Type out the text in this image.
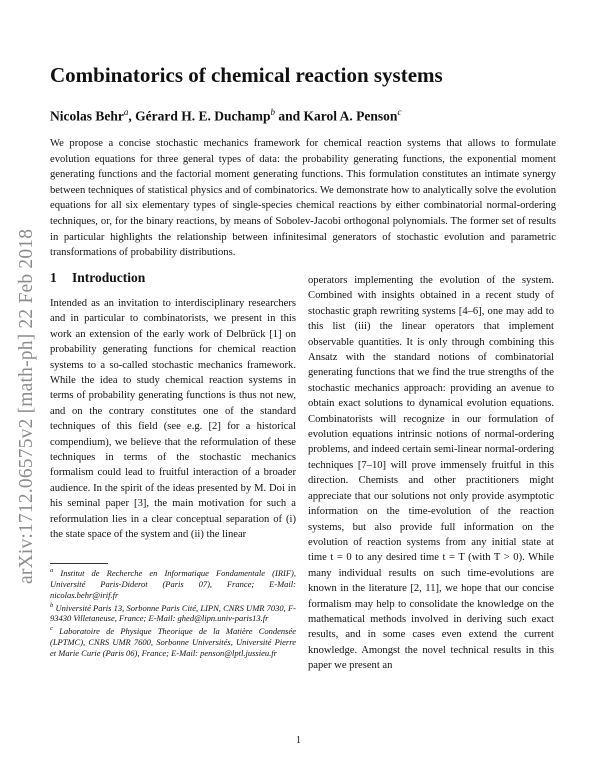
arXiv:1712.06575v2 [math-ph] 22 Feb 2018
Combinatorics of chemical reaction systems
Nicolas Behr$^a$, Gérard H. E. Duchamp$^b$ and Karol A. Penson$^c$
We propose a concise stochastic mechanics framework for chemical reaction systems that allows to formulate evolution equations for three general types of data: the probability generating functions, the exponential moment generating functions and the factorial moment generating functions. This formulation constitutes an intimate synergy between techniques of statistical physics and of combinatorics. We demonstrate how to analytically solve the evolution equations for all six elementary types of single-species chemical reactions by either combinatorial normal-ordering techniques, or, for the binary reactions, by means of Sobolev-Jacobi orthogonal polynomials. The former set of results in particular highlights the relationship between infinitesimal generators of stochastic evolution and parametric transformations of probability distributions.
1 Introduction
Intended as an invitation to interdisciplinary researchers and in particular to combinatorists, we present in this work an extension of the early work of Delbrück [1] on probability generating functions for chemical reaction systems to a so-called stochastic mechanics framework. While the idea to study chemical reaction systems in terms of probability generating functions is thus not new, and on the contrary constitutes one of the standard techniques of this field (see e.g. [2] for a historical compendium), we believe that the reformulation of these techniques in terms of the stochastic mechanics formalism could lead to fruitful interaction of a broader audience. In the spirit of the ideas presented by M. Doi in his seminal paper [3], the main motivation for such a reformulation lies in a clear conceptual separation of (i) the state space of the system and (ii) the linear
operators implementing the evolution of the system. Combined with insights obtained in a recent study of stochastic graph rewriting systems [4–6], one may add to this list (iii) the linear operators that implement observable quantities. It is only through combining this Ansatz with the standard notions of combinatorial generating functions that we find the true strengths of the stochastic mechanics approach: providing an avenue to obtain exact solutions to dynamical evolution equations. Combinatorists will recognize in our formulation of evolution equations intrinsic notions of normal-ordering problems, and indeed certain semi-linear normal-ordering techniques [7–10] will prove immensely fruitful in this direction. Chemists and other practitioners might appreciate that our solutions not only provide asymptotic information on the time-evolution of the reaction systems, but also provide full information on the evolution of reaction systems from any initial state at time t = 0 to any desired time t = T (with T > 0). While many individual results on such time-evolutions are known in the literature [2, 11], we hope that our concise formalism may help to consolidate the knowledge on the mathematical methods involved in deriving such exact results, and in some cases even extend the current knowledge. Amongst the novel technical results in this paper we present an

$^a$ Institut de Recherche en Informatique Fondamentale (IRIF), Université Paris-Diderot (Paris 07), France; E-Mail: nicolas.behr@irif.fr

$^b$ Université Paris 13, Sorbonne Paris Cité, LIPN, CNRS UMR 7030, F-93430 Villetaneuse, France; E-Mail: ghed@lipn.univ-paris13.fr

$^c$ Laboratoire de Physique Theorique de la Matière Condensée (LPTMC), CNRS UMR 7600, Sorbonne Universités, Université Pierre et Marie Curie (Paris 06), France; E-Mail: penson@lptl.jussieu.fr

1
